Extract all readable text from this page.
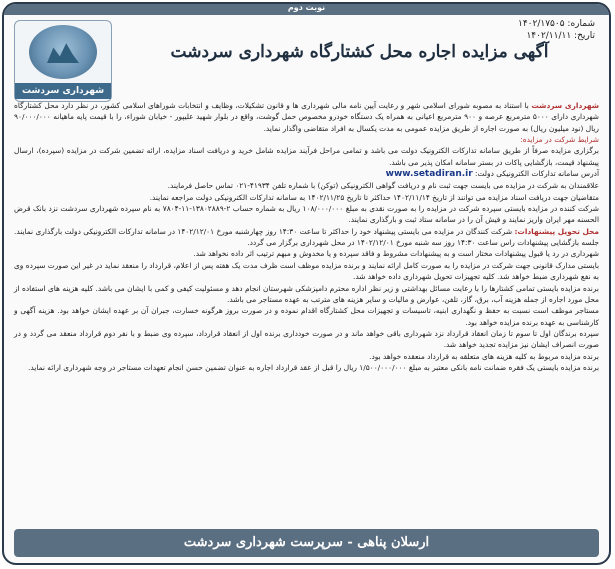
نوبت دوم
شهرداری سردشت
شماره: ۱۴۰۲/۱۷۵۰۵
تاریخ: ۱۴۰۲/۱۱/۱۱
آگهی مزایده اجاره محل کشتارگاه شهرداری سردشت

شهرداری سردشت با استناد به مصوبه شورای اسلامی شهر و رعایت آیین نامه مالی شهرداری ها و قانون تشکیلات، وظایف و انتخابات شوراهای اسلامی کشور، در نظر دارد محل کشتارگاه شهرداری دارای ۵۰۰۰ مترمربع عرصه و ۹۰۰ مترمربع اعیانی به همراه یک دستگاه خودرو مخصوص حمل گوشت، واقع در بلوار شهید علیپور - خیابان شوراء، را با قیمت پایه ماهیانه ۹۰/۰۰۰/۰۰۰ ریال (نود میلیون ریال) به صورت اجاره از طریق مزایده عمومی به مدت یکسال به افراد متقاضی واگذار نماید.

شرایط شرکت در مزایده:

برگزاری مزایده صرفاً از طریق سامانه تدارکات الکترونیک دولت می باشد و تمامی مراحل فرآیند مزایده شامل خرید و دریافت اسناد مزایده، ارائه تضمین شرکت در مزایده (سپرده)، ارسال پیشنهاد قیمت، بازگشایی پاکات در بستر سامانه امکان پذیر می باشد.

آدرس سامانه تدارکات الکترونیکی دولت: www.setadiran.ir

علاقمندان به شرکت در مزایده می بایست جهت ثبت نام و دریافت گواهی الکترونیکی (توکن) با شماره تلفن ۴۱۹۳۴-۰۲۱ تماس حاصل فرمایند.

متقاضیان جهت دریافت اسناد مزایده می توانند از تاریخ ۱۴۰۲/۱۱/۱۴ حداکثر تا تاریخ ۱۴۰۲/۱۱/۲۵ به سامانه تدارکات الکترونیکی دولت مراجعه نمایند.

شرکت کننده در مزایده بایستی سپرده شرکت در مزایده را به صورت نقدی به مبلغ ۱۰۸/۰۰۰/۰۰۰ ریال به شماره حساب ۲-۱۳۸۰۲۸۸۹-۱۱-۷۸۰۴ به نام سپرده شهرداری سردشت نزد بانک قرض الحسنه مهر ایران واریز نمایند و فیش آن را در سامانه ستاد ثبت و بارگذاری نمایند.

محل تحویل پیشنهادات: شرکت کنندگان در مزایده می بایستی پیشنهاد خود را حداکثر تا ساعت ۱۴:۳۰ روز چهارشنبه مورخ ۱۴۰۲/۱۲/۰۱ در سامانه تدارکات الکترونیکی دولت بارگذاری نمایند. جلسه بازگشایی پیشنهادات راس ساعت ۱۴:۳۰ روز سه شنبه مورخ ۱۴۰۲/۱۲/۰۱ در محل شهرداری برگزار می گردد.

شهرداری در رد یا قبول پیشنهادات مختار است و به پیشنهادات مشروط و فاقد سپرده و یا مخدوش و مبهم ترتیب اثر داده نخواهد شد.

بایستی مدارک قانونی جهت شرکت در مزایده را به صورت کامل ارائه نمایند و برنده مزایده موظف است ظرف مدت یک هفته پس از اعلام، قرارداد را منعقد نماید در غیر این صورت سپرده وی به نفع شهرداری ضبط خواهد شد. کلیه تجهیزات تحویل شهرداری داده خواهد شد.

برنده مزایده بایستی تمامی کشتارها را با رعایت مسائل بهداشتی و زیر نظر اداره محترم دامپزشکی شهرستان انجام دهد و مسئولیت کیفی و کمی با ایشان می باشد. کلیه هزینه های استفاده از محل مورد اجاره از جمله هزینه آب، برق، گاز، تلفن، عوارض و مالیات و سایر هزینه های مترتب به عهده مستاجر می باشد.

مستاجر موظف است نسبت به حفظ و نگهداری ابنیه، تاسیسات و تجهیزات محل کشتارگاه اقدام نموده و در صورت بروز هرگونه خسارت، جبران آن بر عهده ایشان خواهد بود. هزینه آگهی و کارشناسی به عهده برنده مزایده خواهد بود.

سپرده برندگان اول تا سوم تا زمان انعقاد قرارداد نزد شهرداری باقی خواهد ماند و در صورت خودداری برنده اول از انعقاد قرارداد، سپرده وی ضبط و با نفر دوم قرارداد منعقد می گردد و در صورت انصراف ایشان نیز مزایده تجدید خواهد شد.

برنده مزایده مربوط به کلیه هزینه های متعلقه به قرارداد منعقده خواهد بود.

برنده مزایده بایستی یک فقره ضمانت نامه بانکی معتبر به مبلغ ۱/۵۰۰/۰۰۰/۰۰۰ ریال را قبل از عقد قرارداد اجاره به عنوان تضمین حسن انجام تعهدات مستاجر در وجه شهرداری ارائه نماید.

ارسلان پناهی - سرپرست شهرداری سردشت
